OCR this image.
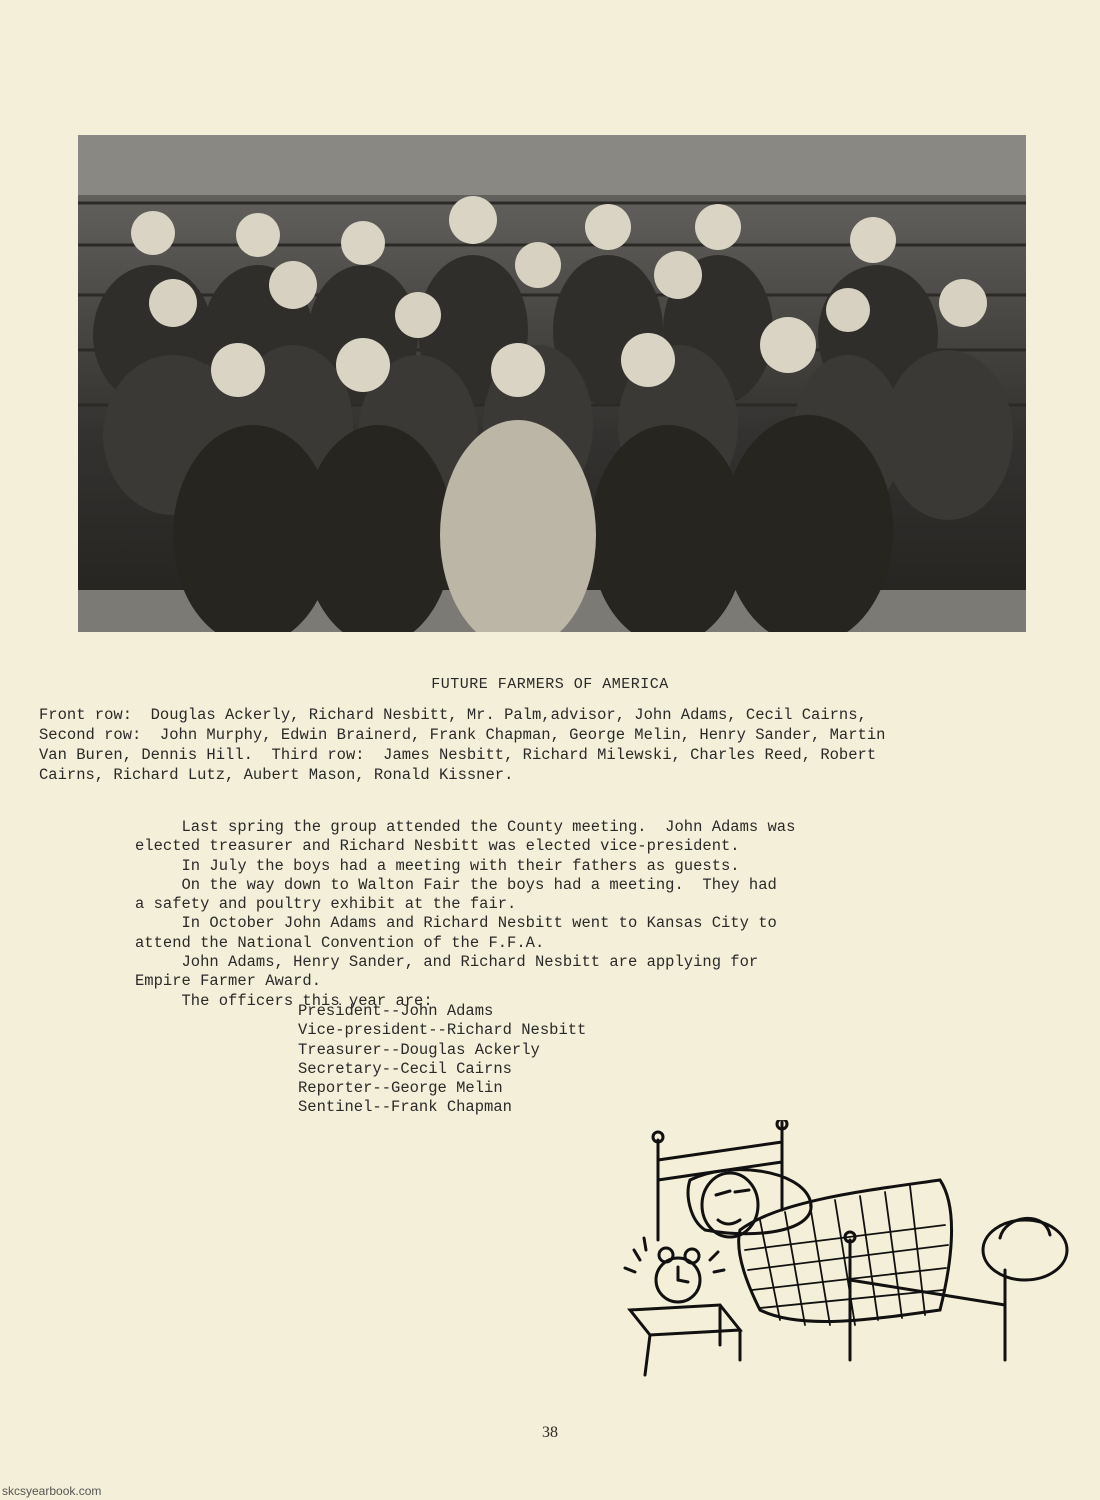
FUTURE FARMERS OF AMERICA

Front row:  Douglas Ackerly, Richard Nesbitt, Mr. Palm,advisor, John Adams, Cecil Cairns,

Second row:  John Murphy, Edwin Brainerd, Frank Chapman, George Melin, Henry Sander, Martin

Van Buren, Dennis Hill.  Third row:  James Nesbitt, Richard Milewski, Charles Reed, Robert

Cairns, Richard Lutz, Aubert Mason, Ronald Kissner.

Last spring the group attended the County meeting.  John Adams was

elected treasurer and Richard Nesbitt was elected vice-president.

In July the boys had a meeting with their fathers as guests.

On the way down to Walton Fair the boys had a meeting.  They had

a safety and poultry exhibit at the fair.

In October John Adams and Richard Nesbitt went to Kansas City to

attend the National Convention of the F.F.A.

John Adams, Henry Sander, and Richard Nesbitt are applying for

Empire Farmer Award.

The officers this year are:

President--John Adams
Vice-president--Richard Nesbitt
Treasurer--Douglas Ackerly
Secretary--Cecil Cairns
Reporter--George Melin
Sentinel--Frank Chapman
38
skcsyearbook.com
